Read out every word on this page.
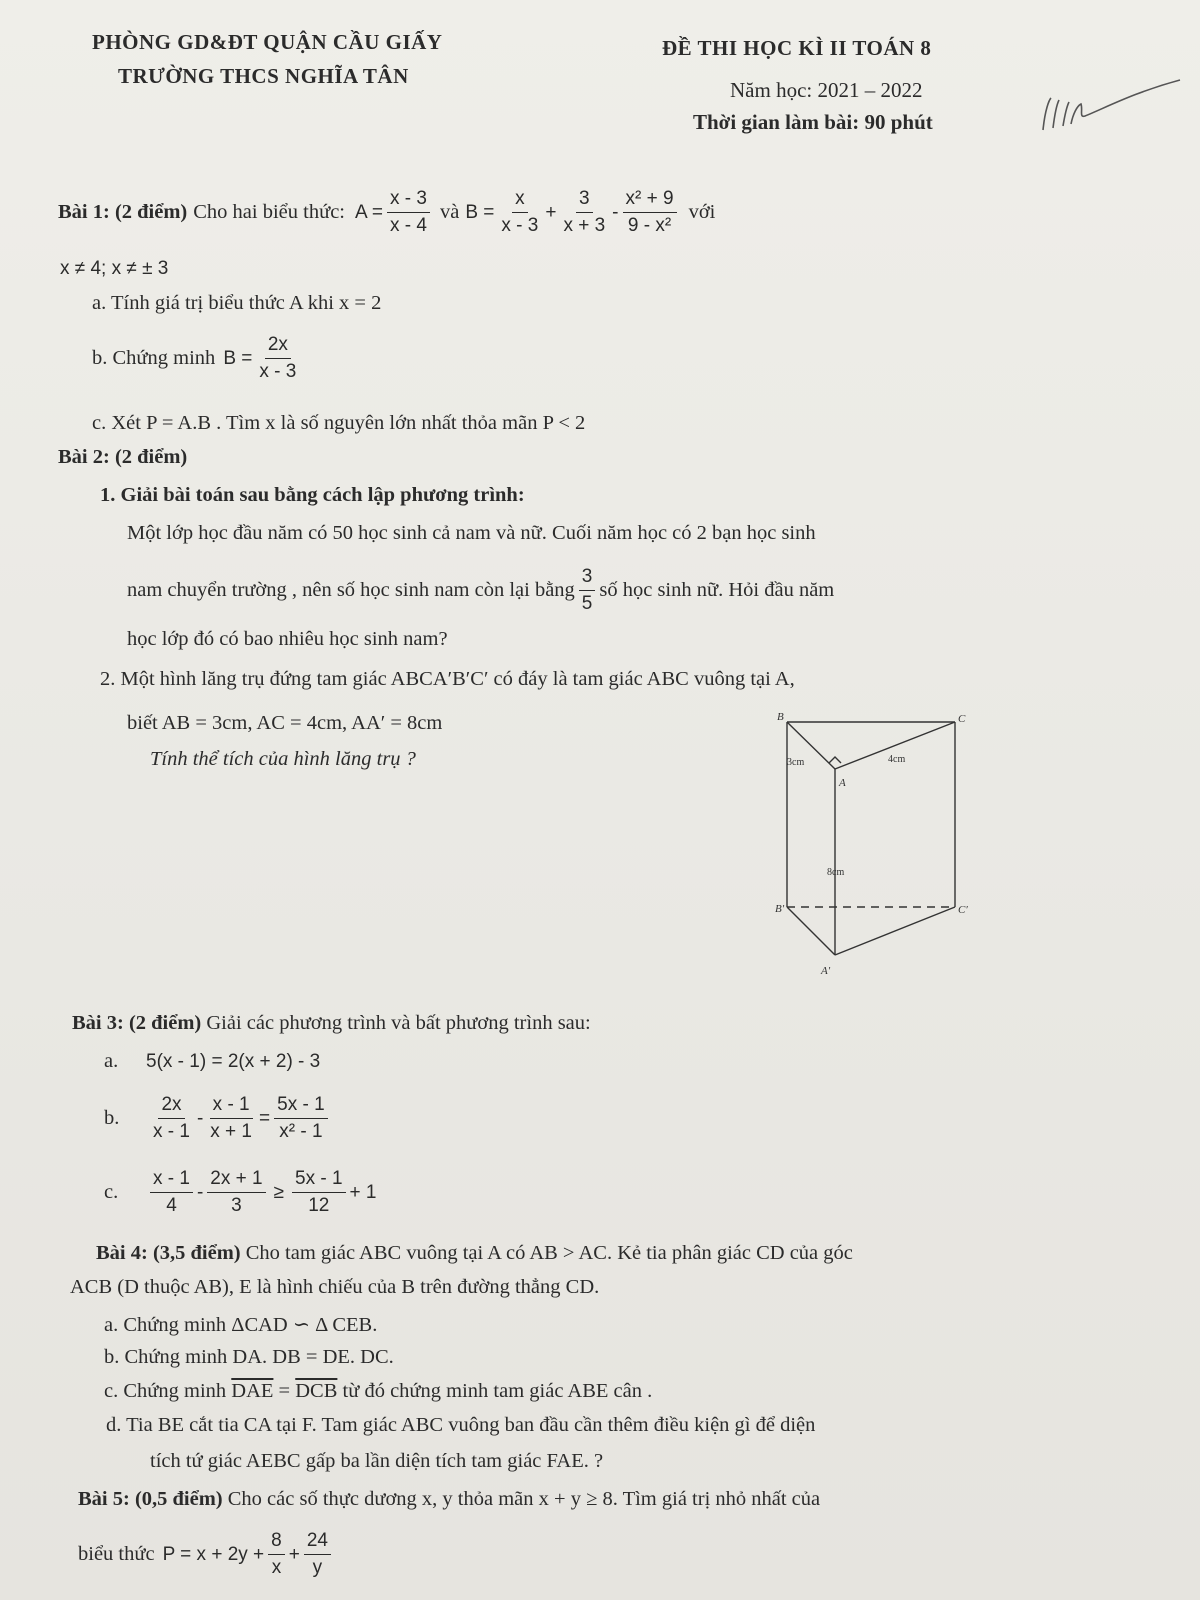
PHÒNG GD&ĐT QUẬN CẦU GIẤY
TRƯỜNG THCS NGHĨA TÂN
ĐỀ THI HỌC KÌ II TOÁN 8
Năm học: 2021 – 2022
Thời gian làm bài: 90 phút
Bài 1: (2 điểm) Cho hai biểu thức: $A = \frac{x - 3}{x - 4}$ và $B = \frac{x}{x - 3} + \frac{3}{x + 3} - \frac{\text{x² + 9}}{\text{9 - x²}}$ với
x ≠ 4; x ≠ ± 3
a. Tính giá trị biểu thức A khi x = 2
b. Chứng minh $B = \frac{2x}{x - 3}$
c. Xét P = A.B . Tìm x là số nguyên lớn nhất thỏa mãn P < 2
Bài 2: (2 điểm)
1. Giải bài toán sau bằng cách lập phương trình:
Một lớp học đầu năm có 50 học sinh cả nam và nữ. Cuối năm học có 2 bạn học sinh
nam chuyển trường , nên số học sinh nam còn lại bằng $\frac{3}{5}$ số học sinh nữ. Hỏi đầu năm
học lớp đó có bao nhiêu học sinh nam?
2. Một hình lăng trụ đứng tam giác ABCA′B′C′ có đáy là tam giác ABC vuông tại A,
biết AB = 3cm, AC = 4cm, AA′ = 8cm
Tính thể tích của hình lăng trụ ?
B	C
A
B′	C′
A′
3cm	4cm
8cm
Bài 3: (2 điểm) Giải các phương trình và bất phương trình sau:
a.	5(x - 1) = 2(x + 2) - 3
b.	$\frac{2x}{x - 1} - \frac{x - 1}{x + 1} = \frac{5x - 1}{\text{x² - 1}}$
c.	$\frac{x - 1}{4} - \frac{2x + 1}{3} \ge \frac{5x - 1}{12} + 1$
Bài 4: (3,5 điểm) Cho tam giác ABC vuông tại A có AB > AC. Kẻ tia phân giác CD của góc
ACB (D thuộc AB), E là hình chiếu của B trên đường thẳng CD.
a. Chứng minh ΔCAD ∽ Δ CEB.
b. Chứng minh DA. DB = DE. DC.
c. Chứng minh $\overline{DAE} = \overline{DCB}$ từ đó chứng minh tam giác ABE cân .
d. Tia BE cắt tia CA tại F. Tam giác ABC vuông ban đầu cần thêm điều kiện gì để diện
tích tứ giác AEBC gấp ba lần diện tích tam giác FAE. ?
Bài 5: (0,5 điểm) Cho các số thực dương x, y thỏa mãn x + y ≥ 8. Tìm giá trị nhỏ nhất của
biểu thức $P = x + 2y + \frac{8}{x} + \frac{24}{y}$
